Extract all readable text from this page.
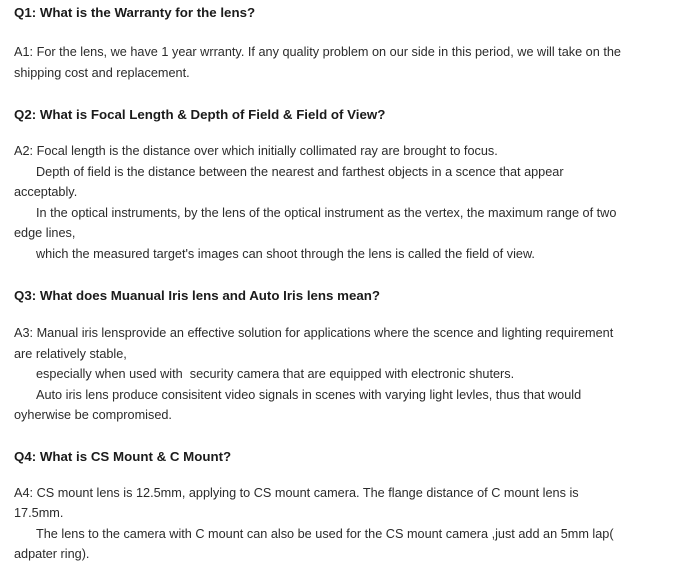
Q1: What is the Warranty for the lens?

A1: For the lens, we have 1 year wrranty. If any quality problem on our side in this period, we will take on the
shipping cost and replacement.

Q2: What is Focal Length & Depth of Field & Field of View?

A2: Focal length is the distance over which initially collimated ray are brought to focus.
Depth of field is the distance between the nearest and farthest objects in a scence that appear
acceptably.
In the optical instruments, by the lens of the optical instrument as the vertex, the maximum range of two
edge lines,
which the measured target's images can shoot through the lens is called the field of view.

Q3: What does Muanual Iris lens and Auto Iris lens mean?

A3: Manual iris lensprovide an effective solution for applications where the scence and lighting requirement
are relatively stable,
especially when used with  security camera that are equipped with electronic shuters.
Auto iris lens produce consisitent video signals in scenes with varying light levles, thus that would
oyherwise be compromised.

Q4: What is CS Mount & C Mount?

A4: CS mount lens is 12.5mm, applying to CS mount camera. The flange distance of C mount lens is
17.5mm.
The lens to the camera with C mount can also be used for the CS mount camera ,just add an 5mm lap(
adpater ring).
